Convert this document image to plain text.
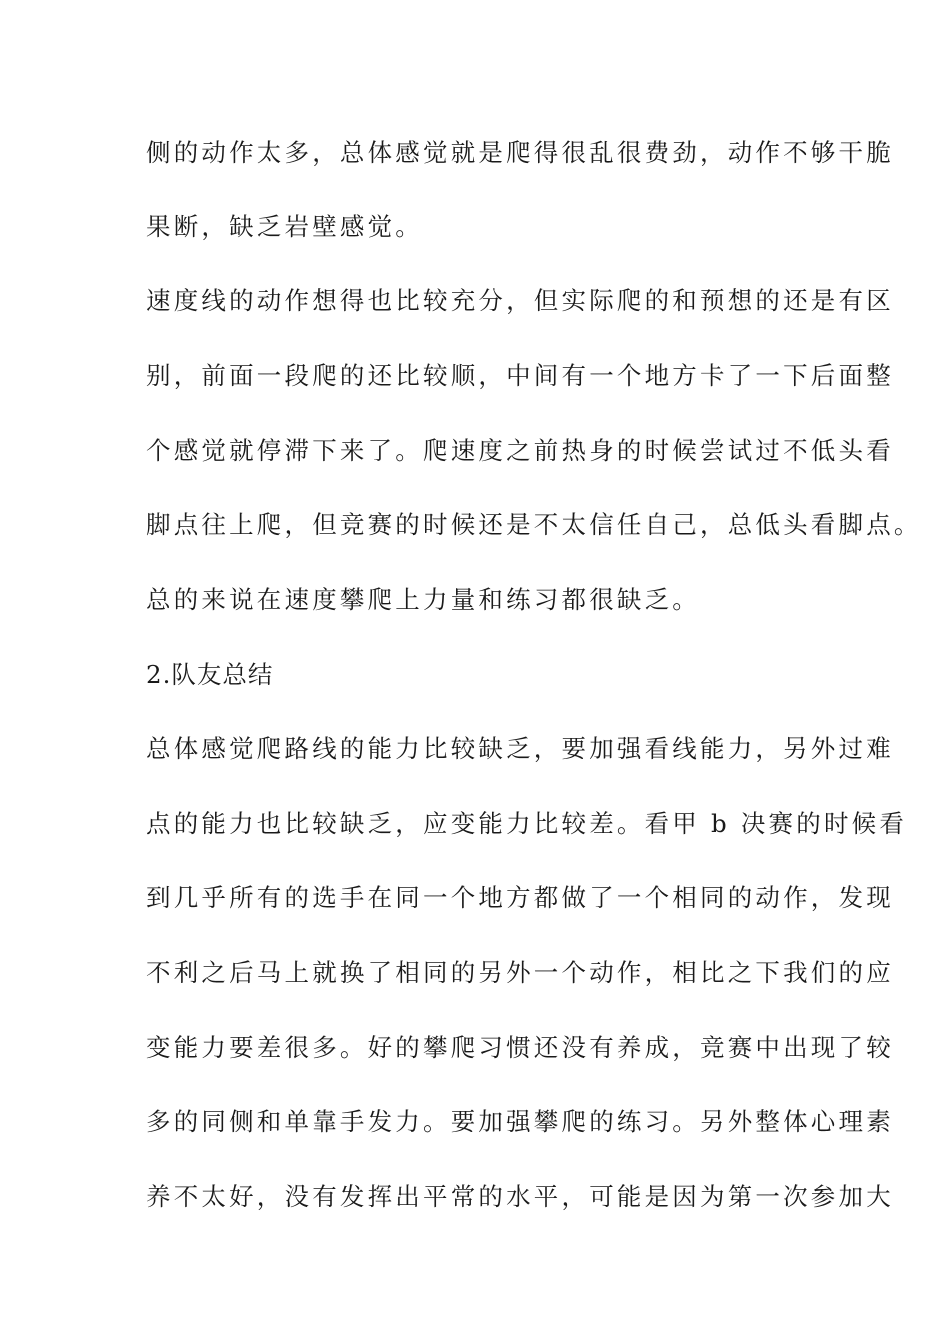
侧的动作太多，总体感觉就是爬得很乱很费劲，动作不够干脆
果断，缺乏岩壁感觉。
速度线的动作想得也比较充分，但实际爬的和预想的还是有区
别，前面一段爬的还比较顺，中间有一个地方卡了一下后面整
个感觉就停滞下来了。爬速度之前热身的时候尝试过不低头看
脚点往上爬，但竞赛的时候还是不太信任自己，总低头看脚点。
总的来说在速度攀爬上力量和练习都很缺乏。
2.队友总结
总体感觉爬路线的能力比较缺乏，要加强看线能力，另外过难
点的能力也比较缺乏，应变能力比较差。看甲 b 决赛的时候看
到几乎所有的选手在同一个地方都做了一个相同的动作，发现
不利之后马上就换了相同的另外一个动作，相比之下我们的应
变能力要差很多。好的攀爬习惯还没有养成，竞赛中出现了较
多的同侧和单靠手发力。要加强攀爬的练习。另外整体心理素
养不太好，没有发挥出平常的水平，可能是因为第一次参加大
